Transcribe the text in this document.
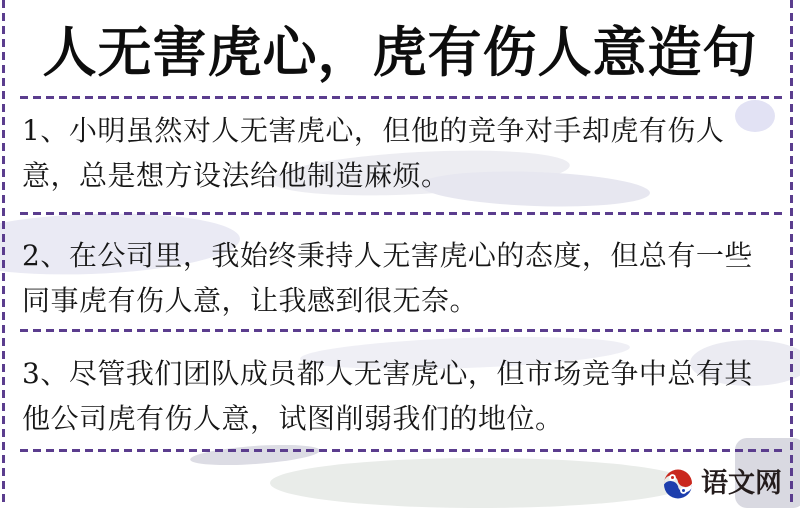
人无害虎心，虎有伤人意造句

1、小明虽然对人无害虎心，但他的竞争对手却虎有伤人意，总是想方设法给他制造麻烦。

2、在公司里，我始终秉持人无害虎心的态度，但总有一些同事虎有伤人意，让我感到很无奈。

3、尽管我们团队成员都人无害虎心，但市场竞争中总有其他公司虎有伤人意，试图削弱我们的地位。

语文网
